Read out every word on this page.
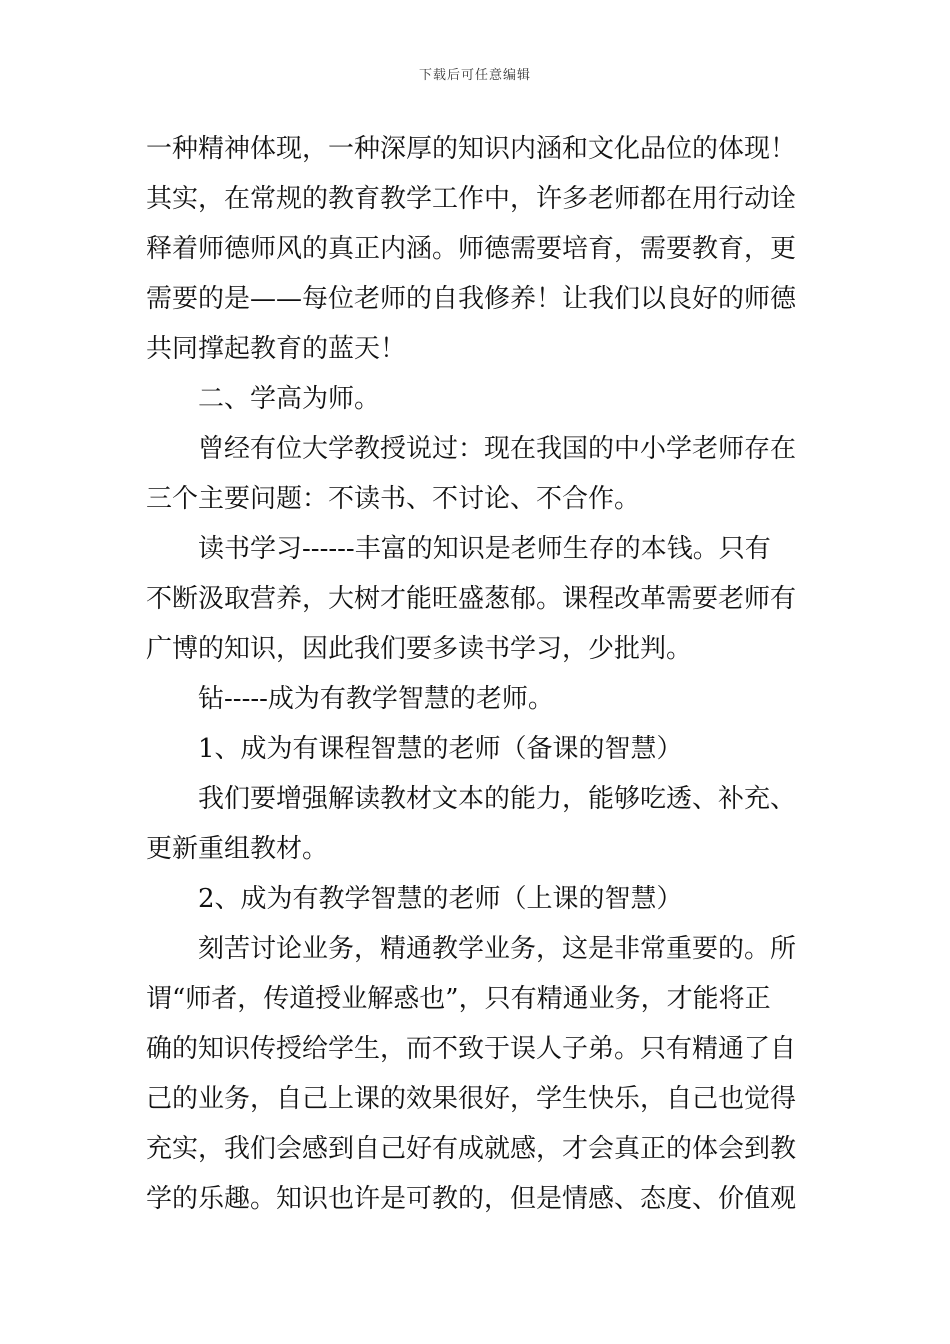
下载后可任意编辑
一种精神体现，一种深厚的知识内涵和文化品位的体现！
其实，在常规的教育教学工作中，许多老师都在用行动诠
释着师德师风的真正内涵。师德需要培育，需要教育，更
需要的是——每位老师的自我修养！让我们以良好的师德
共同撑起教育的蓝天！
二、学高为师。
曾经有位大学教授说过：现在我国的中小学老师存在
三个主要问题：不读书、不讨论、不合作。
读书学习------丰富的知识是老师生存的本钱。只有
不断汲取营养，大树才能旺盛葱郁。课程改革需要老师有
广博的知识，因此我们要多读书学习，少批判。
钻-----成为有教学智慧的老师。
1、成为有课程智慧的老师（备课的智慧）
我们要增强解读教材文本的能力，能够吃透、补充、
更新重组教材。
2、成为有教学智慧的老师（上课的智慧）
刻苦讨论业务，精通教学业务，这是非常重要的。所
谓“师者，传道授业解惑也”，只有精通业务，才能将正
确的知识传授给学生，而不致于误人子弟。只有精通了自
己的业务，自己上课的效果很好，学生快乐，自己也觉得
充实，我们会感到自己好有成就感，才会真正的体会到教
学的乐趣。知识也许是可教的，但是情感、态度、价值观
